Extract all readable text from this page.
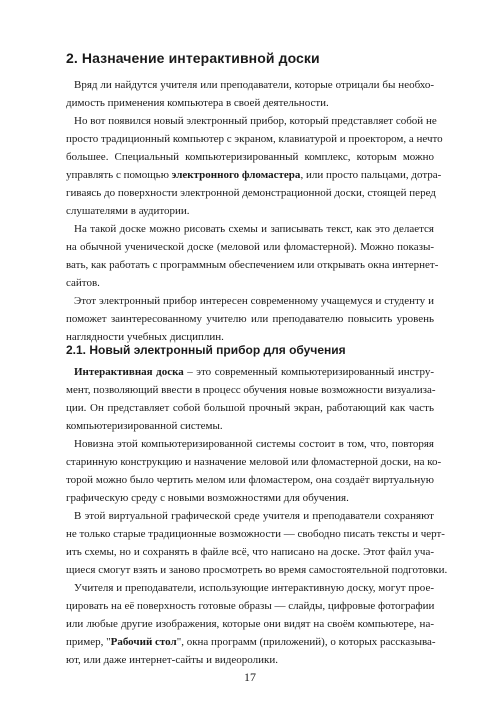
2. Назначение интерактивной доски
Вряд ли найдутся учителя или преподаватели, которые отрицали бы необхо-
димость применения компьютера в своей деятельности.
Но вот появился новый электронный прибор, который представляет собой не
просто традиционный компьютер с экраном, клавиатурой и проектором, а нечто
большее. Специальный компьютеризированный комплекс, которым можно
управлять с помощью электронного фломастера, или просто пальцами, дотра-
гиваясь до поверхности электронной демонстрационной доски, стоящей перед
слушателями в аудитории.
На такой доске можно рисовать схемы и записывать текст, как это делается
на обычной ученической доске (меловой или фломастерной). Можно показы-
вать, как работать с программным обеспечением или открывать окна интернет-
сайтов.
Этот электронный прибор интересен современному учащемуся и студенту и
поможет заинтересованному учителю или преподавателю повысить уровень
наглядности учебных дисциплин.
2.1. Новый электронный прибор для обучения
Интерактивная доска – это современный компьютеризированный инстру-
мент, позволяющий ввести в процесс обучения новые возможности визуализа-
ции. Он представляет собой большой прочный экран, работающий как часть
компьютеризированной системы.
Новизна этой компьютеризированной системы состоит в том, что, повторяя
старинную конструкцию и назначение меловой или фломастерной доски, на ко-
торой можно было чертить мелом или фломастером, она создаёт виртуальную
графическую среду с новыми возможностями для обучения.
В этой виртуальной графической среде учителя и преподаватели сохраняют
не только старые традиционные возможности — свободно писать тексты и черт-
ить схемы, но и сохранять в файле всё, что написано на доске. Этот файл уча-
щиеся смогут взять и заново просмотреть во время самостоятельной подготовки.
Учителя и преподаватели, использующие интерактивную доску, могут прое-
цировать на её поверхность готовые образы — слайды, цифровые фотографии
или любые другие изображения, которые они видят на своём компьютере, на-
пример, "Рабочий стол", окна программ (приложений), о которых рассказыва-
ют, или даже интернет-сайты и видеоролики.
17
